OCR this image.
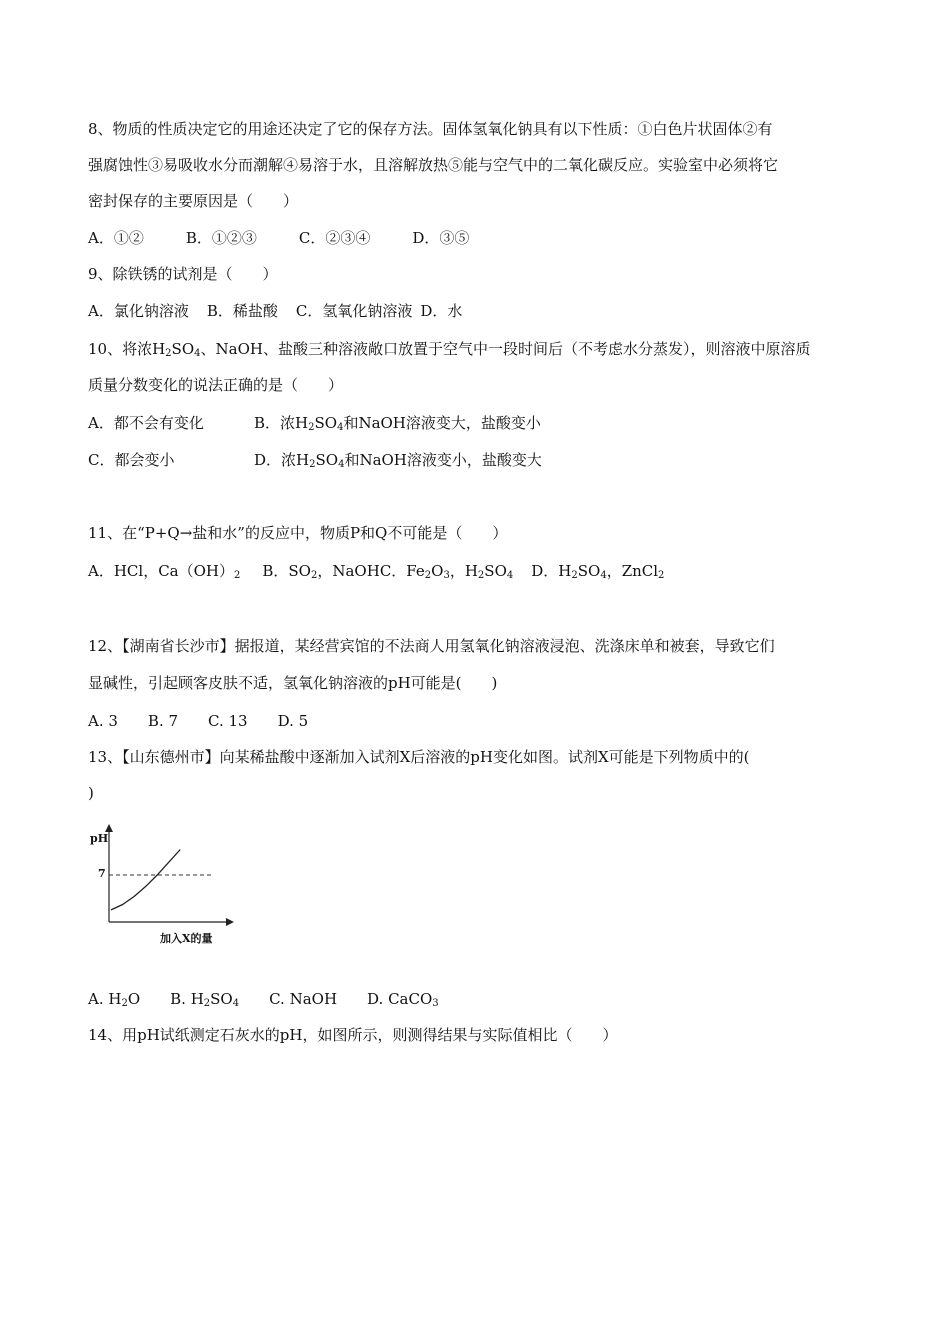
8、物质的性质决定它的用途还决定了它的保存方法。固体氢氧化钠具有以下性质：①白色片状固体②有
强腐蚀性③易吸收水分而潮解④易溶于水，且溶解放热⑤能与空气中的二氧化碳反应。实验室中必须将它
密封保存的主要原因是（　　）
A．①②	B．①②③	C．②③④	D．③⑤
9、除铁锈的试剂是（　　）
A．氯化钠溶液 B．稀盐酸 C．氢氧化钠溶液 D．水
10、将浓$H_2SO_4$、NaOH、盐酸三种溶液敞口放置于空气中一段时间后（不考虑水分蒸发），则溶液中原溶质
质量分数变化的说法正确的是（　　）
A．都不会有变化	B．浓$H_2SO_4$和NaOH溶液变大，盐酸变小
C．都会变小	D．浓$H_2SO_4$和NaOH溶液变小，盐酸变大
11、在“P+Q→盐和水”的反应中，物质P和Q不可能是（　　）
A．HCl，$Ca(OH)_2$ B．$SO_2$，NaOHC．$Fe_2O_3$，$H_2SO_4$ D．$H_2SO_4$，ZnCl$_2$
12、【湖南省长沙市】据报道，某经营宾馆的不法商人用氢氧化钠溶液浸泡、洗涤床单和被套，导致它们
显碱性，引起顾客皮肤不适，氢氧化钠溶液的pH可能是(　　)
A. 3 B. 7 C. 13 D. 5
13、【山东德州市】向某稀盐酸中逐渐加入试剂X后溶液的pH变化如图。试剂X可能是下列物质中的(
)
pH
加入X的量
7
A. $H_2O$ B. $H_2SO_4$ C. NaOH D. CaCO$_3$
14、用pH试纸测定石灰水的pH，如图所示，则测得结果与实际值相比（　　）
